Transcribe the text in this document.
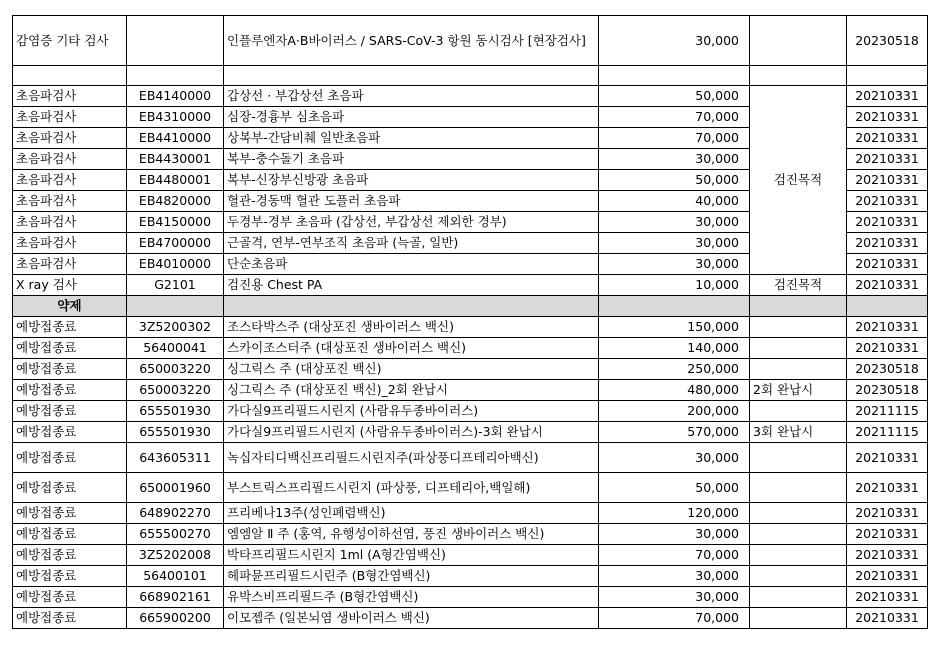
감염증 기타 검사		인플루엔자A·B바이러스 / SARS-CoV-3 항원 동시검사 [현장검사]	30,000		20230518

초음파검사	EB4140000	갑상선 · 부갑상선 초음파	50,000	검진목적	20210331
초음파검사	EB4310000	심장-경흉부 심초음파	70,000		20210331
초음파검사	EB4410000	상복부-간담비췌 일반초음파	70,000		20210331
초음파검사	EB4430001	복부-충수돌기 초음파	30,000		20210331
초음파검사	EB4480001	복부-신장부신방광 초음파	50,000		20210331
초음파검사	EB4820000	혈관-경동맥 혈관 도플러 초음파	40,000		20210331
초음파검사	EB4150000	두경부-경부 초음파 (갑상선, 부갑상선 제외한 경부)	30,000		20210331
초음파검사	EB4700000	근골격, 연부-연부조직 초음파 (늑골, 일반)	30,000		20210331
초음파검사	EB4010000	단순초음파	30,000		20210331
X ray 검사	G2101	검진용 Chest PA	10,000	검진목적	20210331
약제					
예방접종료	3Z5200302	조스타박스주 (대상포진 생바이러스 백신)	150,000		20210331
예방접종료	56400041	스카이조스터주 (대상포진 생바이러스 백신)	140,000		20210331
예방접종료	650003220	싱그릭스 주 (대상포진 백신)	250,000		20230518
예방접종료	650003220	싱그릭스 주 (대상포진 백신)_2회 완납시	480,000	2회 완납시	20230518
예방접종료	655501930	가다실9프리필드시린지 (사람유두종바이러스)	200,000		20211115
예방접종료	655501930	가다실9프리필드시린지 (사람유두종바이러스)-3회 완납시	570,000	3회 완납시	20211115
예방접종료	643605311	녹십자티디백신프리필드시린지주(파상풍디프테리아백신)	30,000		20210331
예방접종료	650001960	부스트릭스프리필드시린지 (파상풍, 디프테리아,백일해)	50,000		20210331
예방접종료	648902270	프리베나13주(성인폐렴백신)	120,000		20210331
예방접종료	655500270	엠엠알 Ⅱ 주 (홍역, 유행성이하선염, 풍진 생바이러스 백신)	30,000		20210331
예방접종료	3Z5202008	박타프리필드시린지 1ml (A형간염백신)	70,000		20210331
예방접종료	56400101	헤파뮨프리필드시린주 (B형간염백신)	30,000		20210331
예방접종료	668902161	유박스비프리필드주 (B형간염백신)	30,000		20210331
예방접종료	665900200	이모젭주 (일본뇌염 생바이러스 백신)	70,000		20210331
